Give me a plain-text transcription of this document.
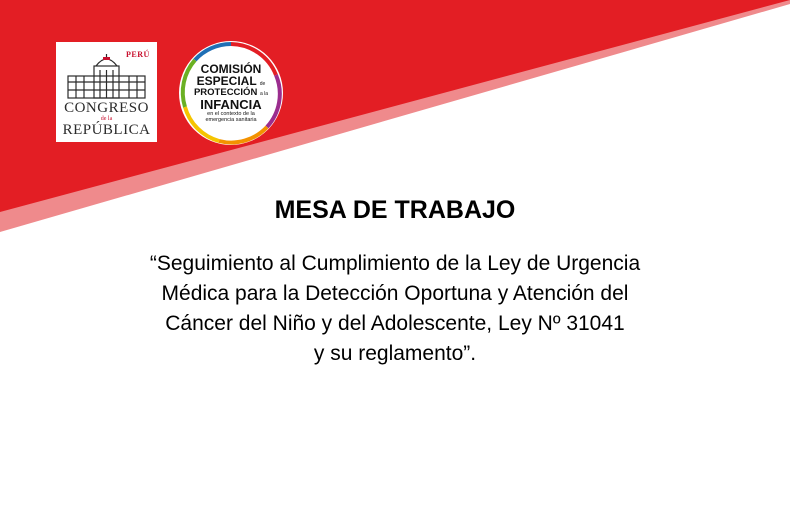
PERÚ
CONGRESO
de la
REPÚBLICA
COMISIÓN
ESPECIAL de
PROTECCIÓN a la
INFANCIA
en el contexto de la
emergencia sanitaria
MESA DE TRABAJO
“Seguimiento al Cumplimiento de la Ley de Urgencia
Médica para la Detección Oportuna y Atención del
Cáncer del Niño y del Adolescente, Ley Nº 31041
y su reglamento”.
